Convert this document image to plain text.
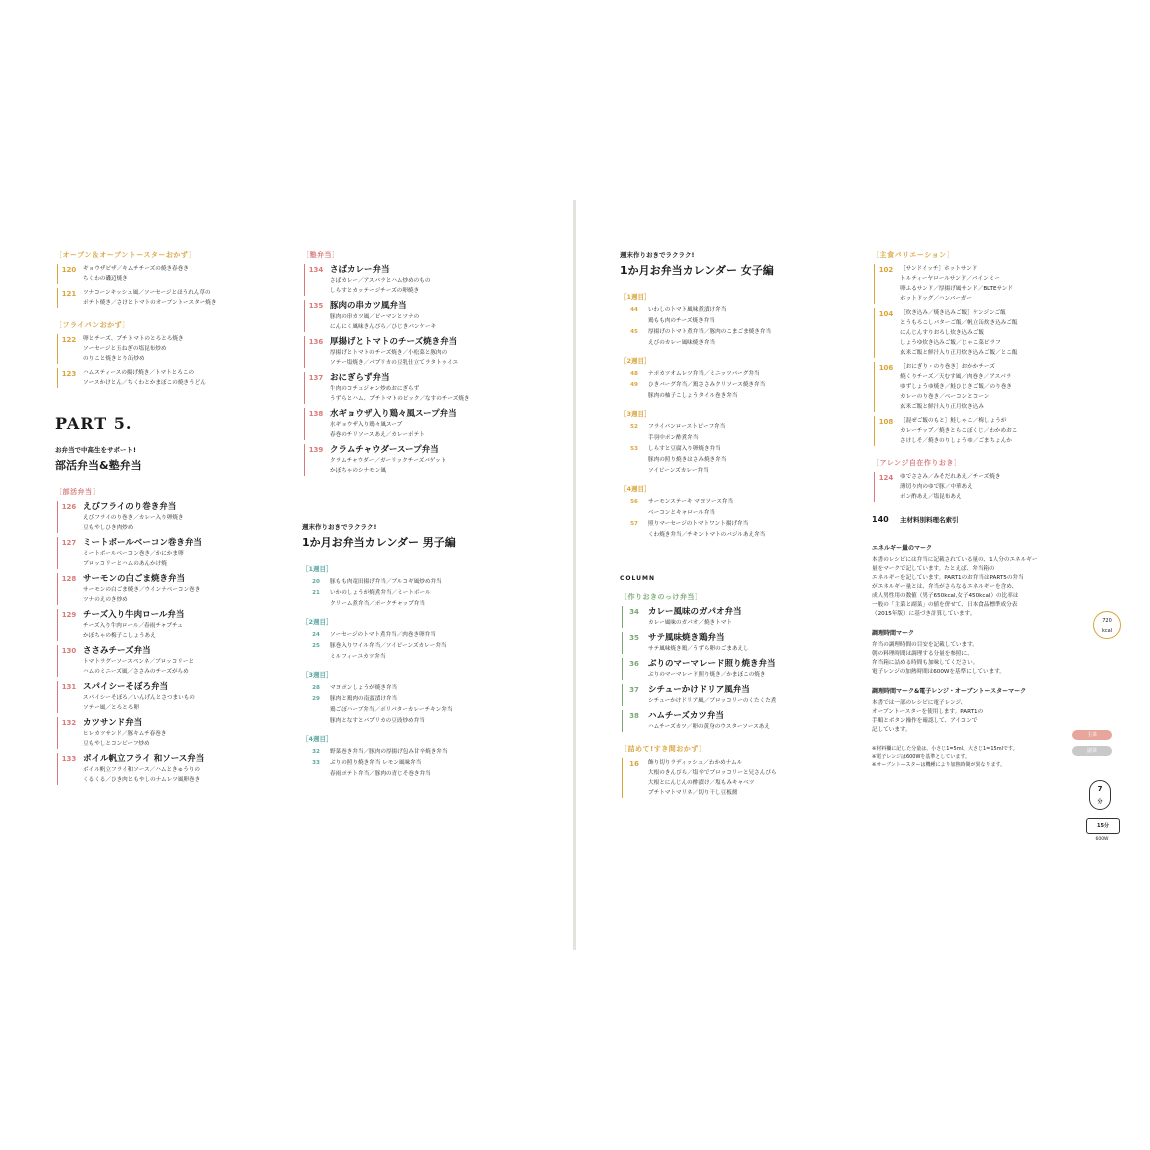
［オーブン＆オーブントースターおかず］
120	ギョウザピザ／キムチチーズの焼き春巻き
ちくわの磯辺焼き
121	ツナコーンキッシュ風／ソーセージとほうれん草の
ポテト焼き／さけとトマトのオーブントースター焼き
［フライパンおかず］
122	卵とチーズ、プチトマトのとろとろ焼き
ソーセージと玉ねぎの塩昆布炒め
のりこと焼きとり缶炒め
123	ハムスティースの揚げ焼き／トマトとろこの
ソースかけとん／ちくわとかまぼこの焼きうどん
PART 5.
お弁当で中高生をサポート!
部活弁当&塾弁当
［部活弁当］
126 えびフライのり巻き弁当
えびフライのり巻き／カレー入り卵焼き
豆もやしひき肉炒め
127 ミートボールベーコン巻き弁当
ミートボールベーコン巻き／かにかま卵
ブロッコリーとハムのあんかけ焼
128 サーモンの白ごま焼き弁当
サーモンの白ごま焼き／ウインナベーコン巻き
ツナのえのき炒め
129 チーズ入り牛肉ロール弁当
チーズ入り牛肉ロール／春雨チャプチェ
かぼちゃの梅子こしょうあえ
130 ささみチーズ弁当
トマトラグーソースペンネ／ブロッコリーと
ハムのミニーズ風／ささみのチーズがらめ
131 スパイシーそぼろ弁当
スパイシーそぼろ／いんげんとさつまいもの
ソテー風／とろとろ卵
132 カツサンド弁当
ヒレカツサンド／豚キムチ春巻き
豆もやしとコンビーフ炒め
133 ボイル帆立フライ 和ソース弁当
ボイル帆立フライ和ソース／ハムときゅうりの
くるくる／ひき肉ともやしのナムレツ風卵巻き
［塾弁当］
134 さばカレー弁当
さばカレー／アスパラとハム炒めのもの
しらすとカッテージチーズの卵焼き
135 豚肉の串カツ風弁当
豚肉の串カツ風／ピーマンとツナの
にんにく風味きんぴら／ひじきパンケーキ
136 厚揚げとトマトのチーズ焼き弁当
厚揚げとトマトのチーズ焼き／小松菜と豚肉の
ソテー塩焼き／パプリカの豆乳仕立てラタトゥイユ
137 おにぎらず弁当
牛肉のコチュジャン炒めおにぎらず
うずらとハム、プチトマトのピック／なすのチーズ焼き
138 水ギョウザ入り鶏々風スープ弁当
水ギョウザ入り鶏々風スープ
春巻のチリソースあえ／カレーポテト
139 クラムチャウダースープ弁当
クラムチャウダー／ガーリックチーズバゲット
かぼちゃのシナモン風
週末作りおきでラクラク!
1か月お弁当カレンダー 男子編
［1週目］
20	豚もも肉竜田揚げ弁当／ブルコギ風炒め弁当
21	いかのしょうが焼煮弁当／ミートボール
クリーム煮弁当／ポークチャップ弁当
［2週目］
24	ソーセージのトマト煮弁当／肉巻き卵弁当
25	豚巻入りワイル弁当／ソイビーンズカレー弁当
ミルフィーユカツ弁当
［3週目］
28	マヨポンしょうが焼き弁当
29	豚肉と鶏肉の南蛮漬け弁当
鶏ごぼハーブ弁当／ポリパターカレーチキン弁当
豚肉となすとパプリカの豆豉炒め弁当
［4週目］
32	野菜巻き弁当／豚肉の厚揚げ包み甘辛焼き弁当
33	ぶりの照り焼き弁当 レモン風味弁当
春雨ポテト弁当／豚肉の青じそ巻き弁当
週末作りおきでラクラク!
1か月お弁当カレンダー 女子編
［1週目］
44	いわしのトマト風味煮漬け弁当
鶏もも肉のチーズ焼き弁当
45	厚揚げのトマト煮弁当／豚肉のこまごま焼き弁当
えびのカレー風味焼き弁当
［2週目］
48	ナポカツオムレツ弁当／ミニッツバーグ弁当
49	ひきバーグ弁当／鶏ささみクリソース焼き弁当
豚肉の柚子こしょうタイル巻き弁当
［3週目］
52	フライパンローストビーフ弁当
手羽中ポン酢煮弁当
53	しらすと豆腐入り卵焼き弁当
豚肉の照り焼きはさみ焼き弁当
ソイビーンズカレー弁当
［4週目］
56	サーモンステーキ マヨソース弁当
ベーコンとキャロール弁当
57	照りマーセージのトマトワント揚げ弁当
くわ焼き弁当／チキントマトのバジルあえ弁当
COLUMN
［作りおきのっけ弁当］
34	カレー風味のガパオ弁当
カレー風味のガパオ／焼きトマト
35	サテ風味焼き鶏弁当
サテ風味焼き鶏／うずら卵のごまあえし
36	ぶりのマーマレード照り焼き弁当
ぶりのマーマレード照り焼き／かまぼこの焼き
37	シチューかけドリア風弁当
シチューかけドリア風／ブロッコリーのくたくた煮
38	ハムチーズカツ弁当
ハムチーズカツ／卵の黄身のウスターソースあえ
［詰めて!すき間おかず］
16	飾り切りラディッシュ／わかめナムル
大根のきんぴら／塩辛でブロッコリーと兄さんぴら
大根とにんじんの酢漬け／塩もみキャベツ
プチトマトマリネ／切り干し豆板醤
［主食バリエーション］
102	［サンドイッチ］ホットサンド
トルティーヤロールサンド／バインミー
卵ふるサンド／厚揚げ風サンド／BLTEサンド
ホットドッグ／ハンバーガー
104	［炊き込み／焼き込みご飯］ケンジンご飯
とうもろこしバターご飯／帆立缶炊き込みご飯
にんじんすりおろし炊き込みご飯
しょうゆ炊き込みご飯／じゃこ菜ピラフ
玄米ご飯と鮮汁入り正月炊き込みご飯／とこ飯
106	［おにぎり・のり巻き］おかかチーズ
焼くりチーズ／天むす風／肉巻き／アスパラ
ゆずしょうゆ焼き／鮭ひじきご飯／のり巻き
カレーのり巻き／ベーコンとコーン
玄米ご飯と鮮汁入り正月炊き込み
108	［混ぜご飯のもと］鮭しゃこ／梅しょうが
カレーチップ／焼きとらこぼくじ／わかめおこ
さけしそ／焼きのりしょうゆ／ごまちょんか
［アレンジ自在作りおき］
124	ゆでささみ／みそだれあえ／チーズ焼き
薄切り肉のゆで豚／中華あえ
ポン酢あえ／塩昆布あえ
140	主材料別料理名索引
エネルギー量のマーク
本書のレシピには弁当に記載されている量の、1人分のエネルギー
量をマークで記しています。たとえば、弁当箱の
エネルギーを記しています。PART1のお弁当はPART5の弁当
がエネルギー量とは、弁当がさらなるエネルギーを含め、
成人男性用の数値（男子650kcal,女子450kcal）の比率は
一般の「主菜と副菜」の値を併せて、日本食品標準成分表
（2015年版）に基づき計算しています。
調理時間マーク
弁当の調理時間の目安を記載しています。
朝の料理時間は調理する分量を参照に、
弁当箱に詰める時間も加味してください。
電子レンジの加熱時間は600Wを基準にしています。
調理時間マーク&電子レンジ・オーブントースターマーク
本書では一部のレシピに電子レンジ、
オーブントースターを使用します。PART1の
手順とボタン操作を確認して、アイコンで
記しています。
※材料欄に記した分量は、小さじ1=5ml、大さじ1=15mlです。
※電子レンジは600Wを基準としています。
※オーブントースターは機種により加熱時間が異なります。
720
kcal
主菜
副菜
7
分
15分
600W
